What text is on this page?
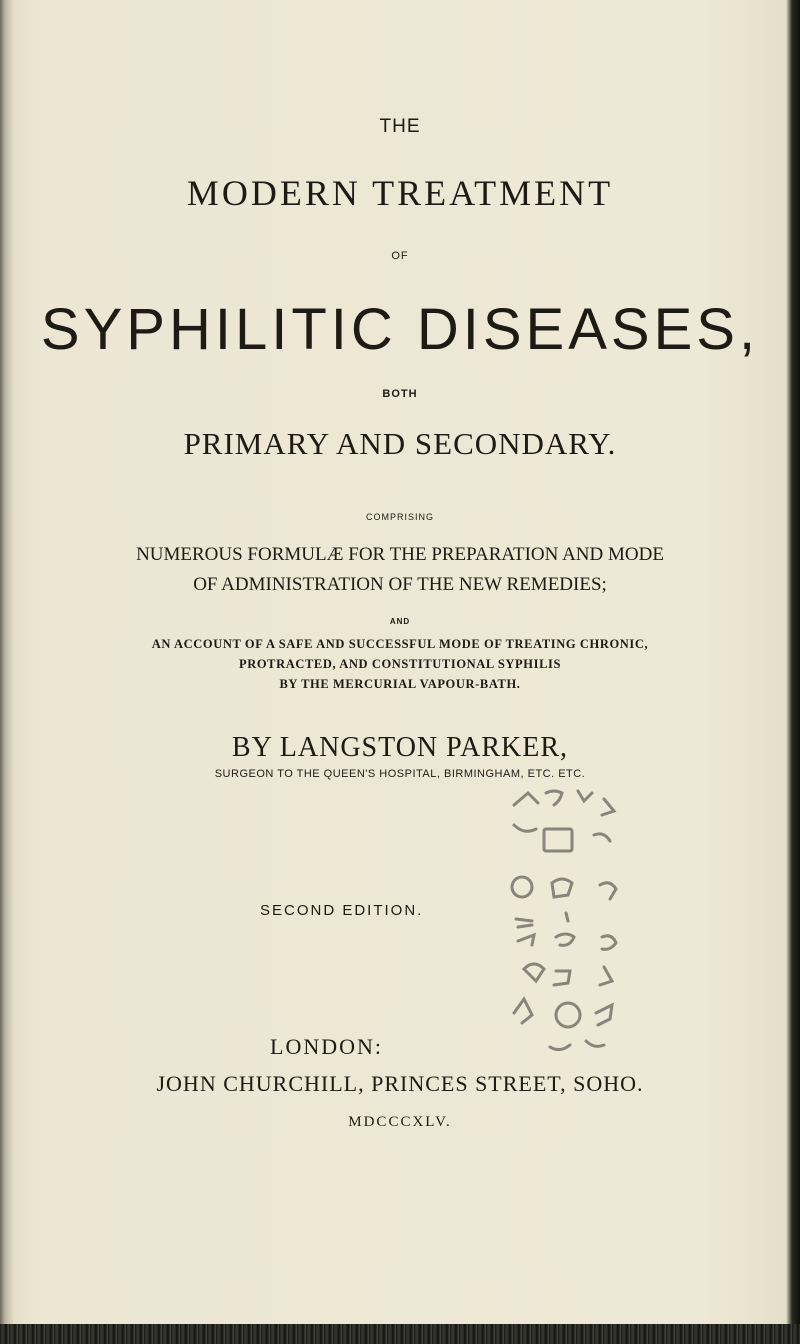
THE
MODERN TREATMENT
OF
SYPHILITIC DISEASES,
BOTH
PRIMARY AND SECONDARY.
COMPRISING
NUMEROUS FORMULÆ FOR THE PREPARATION AND MODE
OF ADMINISTRATION OF THE NEW REMEDIES;
AND
AN ACCOUNT OF A SAFE AND SUCCESSFUL MODE OF TREATING CHRONIC,
PROTRACTED, AND CONSTITUTIONAL SYPHILIS
BY THE MERCURIAL VAPOUR-BATH.
BY LANGSTON PARKER,
SURGEON TO THE QUEEN'S HOSPITAL, BIRMINGHAM, ETC. ETC.
SECOND EDITION.
LONDON:
JOHN CHURCHILL, PRINCES STREET, SOHO.
MDCCCXLV.
